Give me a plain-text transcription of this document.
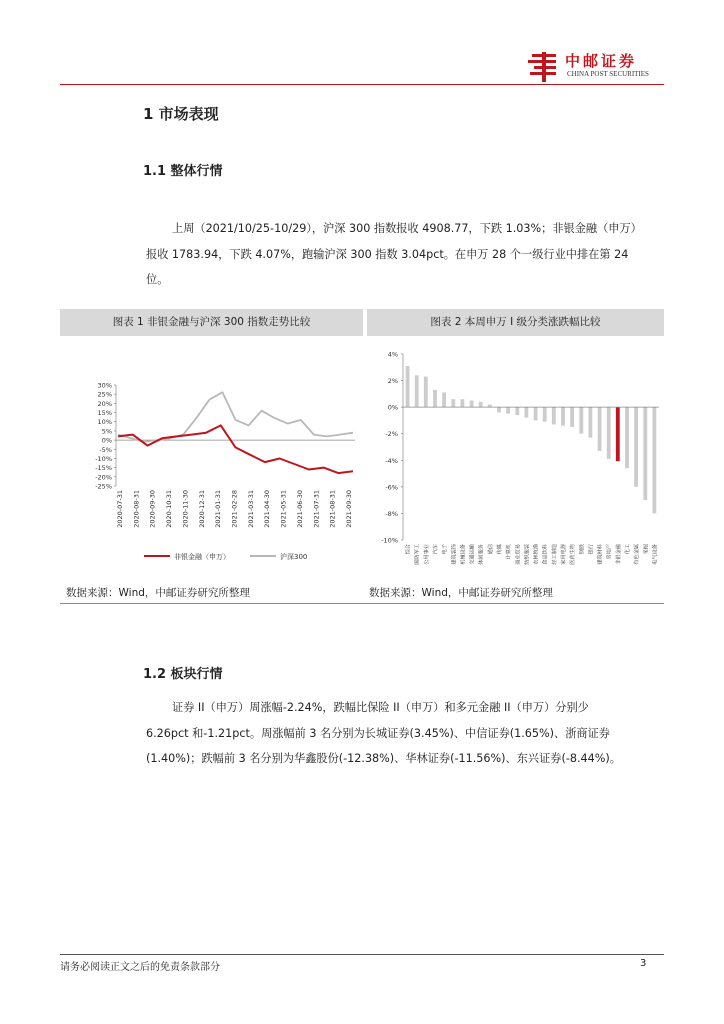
中邮证券
CHINA POST SECURITIES
1 市场表现
1.1 整体行情
上周（2021/10/25-10/29），沪深 300 指数报收 4908.77，下跌 1.03%；非银金融（申万）
报收 1783.94，下跌 4.07%，跑输沪深 300 指数 3.04pct。在申万 28 个一级行业中排在第 24
位。
图表 1 非银金融与沪深 300 指数走势比较	图表 2 本周申万 I 级分类涨跌幅比较
30%
25%
20%
15%
10%
5%
0%
-5%
-10%
-15%
-20%
-25%
2020-07-31 2020-08-31 2020-09-30 2020-10-31 2020-11-30 2020-12-31 2021-01-31 2021-02-28 2021-03-31 2021-04-30 2021-05-31 2021-06-30 2021-07-31 2021-08-31 2021-09-30
非银金融（申万）	沪深300
4%
2%
0%
-2%
-4%
-6%
-8%
-10%
综合 国防军工 公用事业 汽车 电子 建筑装饰 机械设备 交通运输 休闲服务 通信 传媒 计算机 商业贸易 纺织服装 农林牧渔 食品饮料 轻工制造 家用电器 医药生物 钢铁 银行 建筑材料 房地产 非银金融 化工 有色金属 采掘 电气设备
数据来源：Wind，中邮证券研究所整理	数据来源：Wind，中邮证券研究所整理
1.2 板块行情
证券 II（申万）周涨幅-2.24%，跌幅比保险 II（申万）和多元金融 II（申万）分别少
6.26pct 和-1.21pct。周涨幅前 3 名分别为长城证券(3.45%)、中信证券(1.65%)、浙商证券
(1.40%)；跌幅前 3 名分别为华鑫股份(-12.38%)、华林证券(-11.56%)、东兴证券(-8.44%)。
请务必阅读正文之后的免责条款部分	3
